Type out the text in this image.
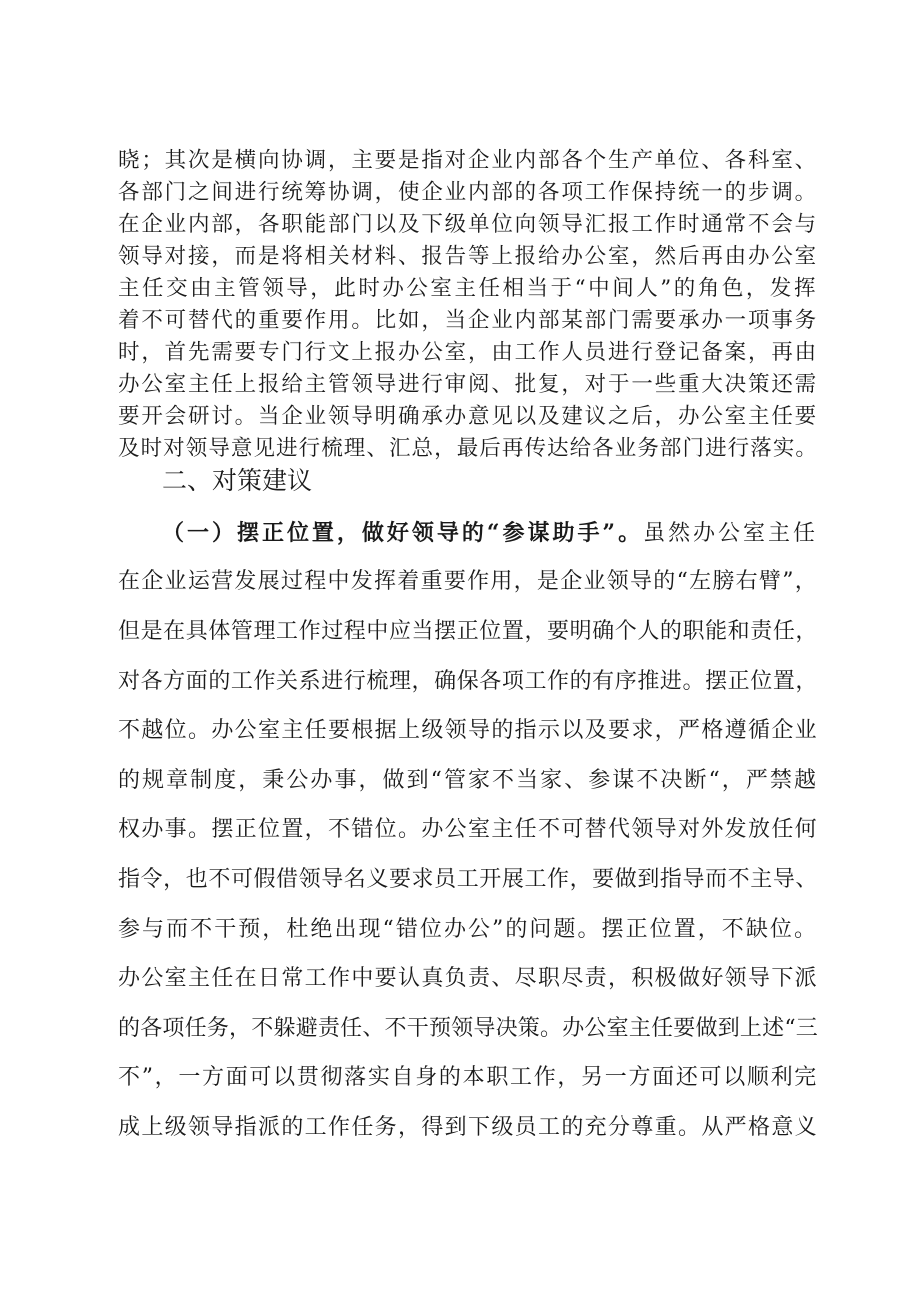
晓；其次是横向协调，主要是指对企业内部各个生产单位、各科室、
各部门之间进行统筹协调，使企业内部的各项工作保持统一的步调。
在企业内部，各职能部门以及下级单位向领导汇报工作时通常不会与
领导对接，而是将相关材料、报告等上报给办公室，然后再由办公室
主任交由主管领导，此时办公室主任相当于“中间人”的角色，发挥
着不可替代的重要作用。比如，当企业内部某部门需要承办一项事务
时，首先需要专门行文上报办公室，由工作人员进行登记备案，再由
办公室主任上报给主管领导进行审阅、批复，对于一些重大决策还需
要开会研讨。当企业领导明确承办意见以及建议之后，办公室主任要
及时对领导意见进行梳理、汇总，最后再传达给各业务部门进行落实。
二、对策建议
（一）摆正位置，做好领导的“参谋助手”。虽然办公室主任
在企业运营发展过程中发挥着重要作用，是企业领导的“左膀右臂”，
但是在具体管理工作过程中应当摆正位置，要明确个人的职能和责任，
对各方面的工作关系进行梳理，确保各项工作的有序推进。摆正位置，
不越位。办公室主任要根据上级领导的指示以及要求，严格遵循企业
的规章制度，秉公办事，做到“管家不当家、参谋不决断“，严禁越
权办事。摆正位置，不错位。办公室主任不可替代领导对外发放任何
指令，也不可假借领导名义要求员工开展工作，要做到指导而不主导、
参与而不干预，杜绝出现“错位办公”的问题。摆正位置，不缺位。
办公室主任在日常工作中要认真负责、尽职尽责，积极做好领导下派
的各项任务，不躲避责任、不干预领导决策。办公室主任要做到上述“三
不”，一方面可以贯彻落实自身的本职工作，另一方面还可以顺利完
成上级领导指派的工作任务，得到下级员工的充分尊重。从严格意义
